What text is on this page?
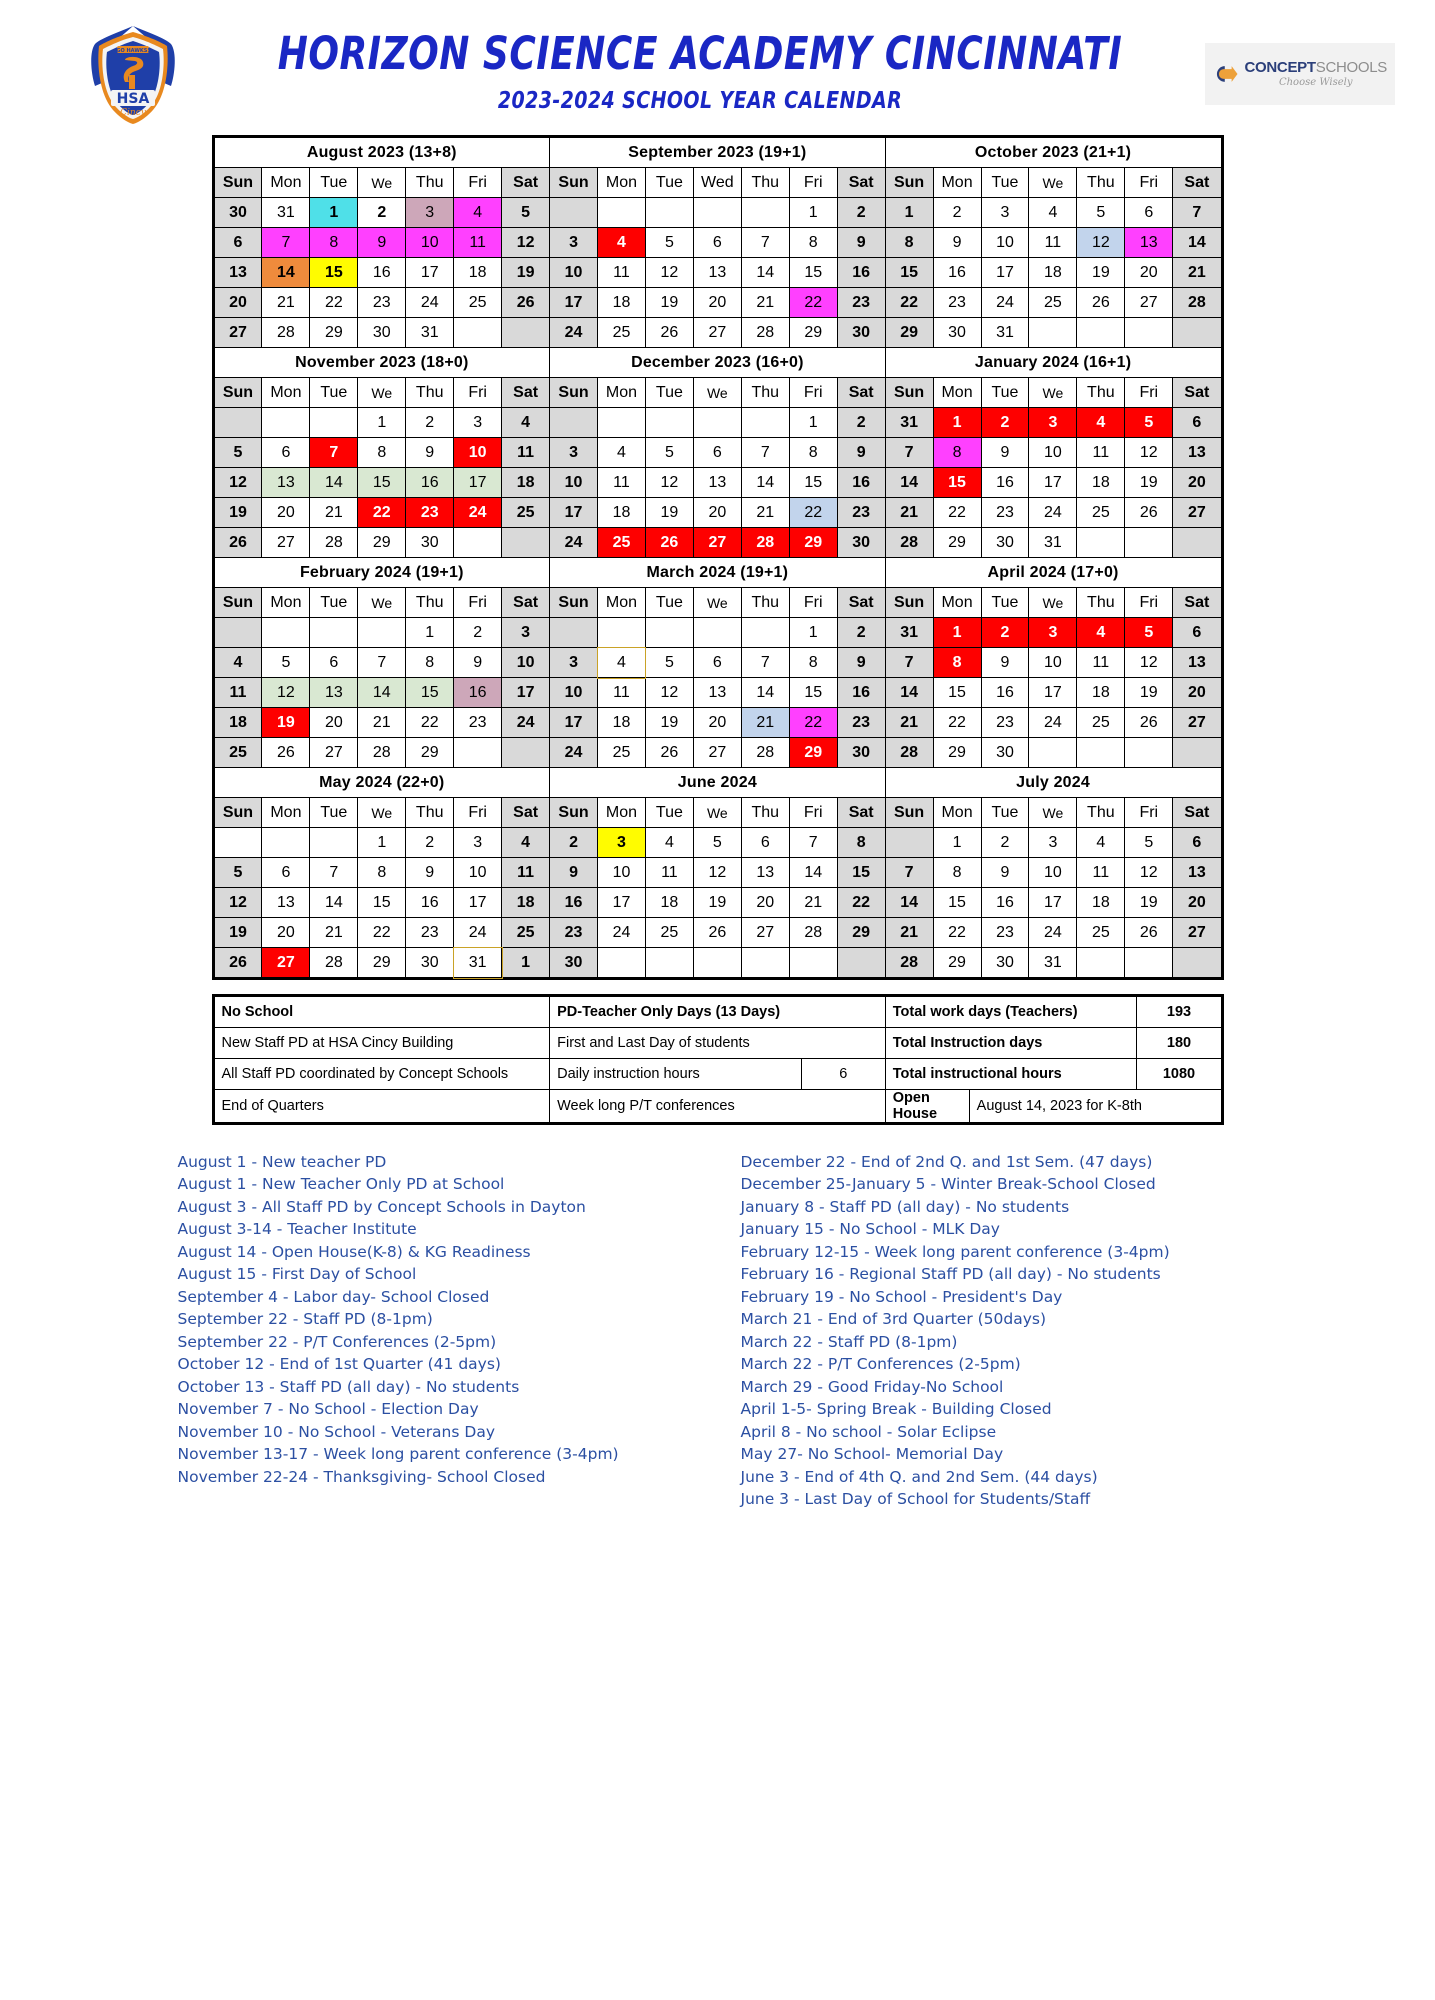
GO HAWKS!
HSA
Cincy
HORIZON SCIENCE ACADEMY CINCINNATI
2023-2024 SCHOOL YEAR CALENDAR
CONCEPTSCHOOLS
Choose Wisely
August 2023 (13+8)							September 2023 (19+1)							October 2023 (21+1)						
Sun	Mon	Tue	We	Thu	Fri	Sat	Sun	Mon	Tue	Wed	Thu	Fri	Sat	Sun	Mon	Tue	We	Thu	Fri	Sat
30	31	1	2	3	4	5						1	2	1	2	3	4	5	6	7
6	7	8	9	10	11	12	3	4	5	6	7	8	9	8	9	10	11	12	13	14
13	14	15	16	17	18	19	10	11	12	13	14	15	16	15	16	17	18	19	20	21
20	21	22	23	24	25	26	17	18	19	20	21	22	23	22	23	24	25	26	27	28
27	28	29	30	31			24	25	26	27	28	29	30	29	30	31				
November 2023 (18+0)							December 2023 (16+0)							January 2024 (16+1)						
Sun	Mon	Tue	We	Thu	Fri	Sat	Sun	Mon	Tue	We	Thu	Fri	Sat	Sun	Mon	Tue	We	Thu	Fri	Sat
			1	2	3	4						1	2	31	1	2	3	4	5	6
5	6	7	8	9	10	11	3	4	5	6	7	8	9	7	8	9	10	11	12	13
12	13	14	15	16	17	18	10	11	12	13	14	15	16	14	15	16	17	18	19	20
19	20	21	22	23	24	25	17	18	19	20	21	22	23	21	22	23	24	25	26	27
26	27	28	29	30			24	25	26	27	28	29	30	28	29	30	31			
February 2024 (19+1)							March 2024 (19+1)							April 2024 (17+0)						
Sun	Mon	Tue	We	Thu	Fri	Sat	Sun	Mon	Tue	We	Thu	Fri	Sat	Sun	Mon	Tue	We	Thu	Fri	Sat
				1	2	3						1	2	31	1	2	3	4	5	6
4	5	6	7	8	9	10	3	4	5	6	7	8	9	7	8	9	10	11	12	13
11	12	13	14	15	16	17	10	11	12	13	14	15	16	14	15	16	17	18	19	20
18	19	20	21	22	23	24	17	18	19	20	21	22	23	21	22	23	24	25	26	27
25	26	27	28	29			24	25	26	27	28	29	30	28	29	30				
May 2024 (22+0)							June 2024							July 2024						
Sun	Mon	Tue	We	Thu	Fri	Sat	Sun	Mon	Tue	We	Thu	Fri	Sat	Sun	Mon	Tue	We	Thu	Fri	Sat
			1	2	3	4	2	3	4	5	6	7	8		1	2	3	4	5	6
5	6	7	8	9	10	11	9	10	11	12	13	14	15	7	8	9	10	11	12	13
12	13	14	15	16	17	18	16	17	18	19	20	21	22	14	15	16	17	18	19	20
19	20	21	22	23	24	25	23	24	25	26	27	28	29	21	22	23	24	25	26	27
26	27	28	29	30	31	1	30							28	29	30	31			
No School	PD-Teacher Only Days (13 Days)		Total work days (Teachers)		193
New Staff PD at HSA Cincy Building	First and Last Day of students		Total Instruction days		180
All Staff PD coordinated by Concept Schools	Daily instruction hours	6	Total instructional hours		1080
End of Quarters	Week long P/T conferences		Open House	August 14, 2023 for K-8th	
August 1 - New teacher PD
August 1 - New Teacher Only PD at School
August 3 - All Staff PD by Concept Schools in Dayton
August 3-14 - Teacher Institute
August 14 - Open House(K-8) & KG Readiness
August 15 - First Day of School
September 4 - Labor day- School Closed
September 22 - Staff PD (8-1pm)
September 22 - P/T Conferences (2-5pm)
October 12 - End of 1st Quarter (41 days)
October 13 - Staff PD (all day) - No students
November 7 - No School - Election Day
November 10 - No School - Veterans Day
November 13-17 - Week long parent conference (3-4pm)
November 22-24 - Thanksgiving- School Closed
December 22 - End of 2nd Q. and 1st Sem. (47 days)
December 25-January 5 - Winter Break-School Closed
January 8 - Staff PD (all day) - No students
January 15 - No School - MLK Day
February 12-15 - Week long parent conference (3-4pm)
February 16 - Regional Staff PD (all day) - No students
February 19 - No School - President's Day
March 21 - End of 3rd Quarter (50days)
March 22 - Staff PD (8-1pm)
March 22 - P/T Conferences (2-5pm)
March 29 - Good Friday-No School
April 1-5- Spring Break - Building Closed
April 8 - No school - Solar Eclipse
May 27- No School- Memorial Day
June 3 - End of 4th Q. and 2nd Sem. (44 days)
June 3 - Last Day of School for Students/Staff
